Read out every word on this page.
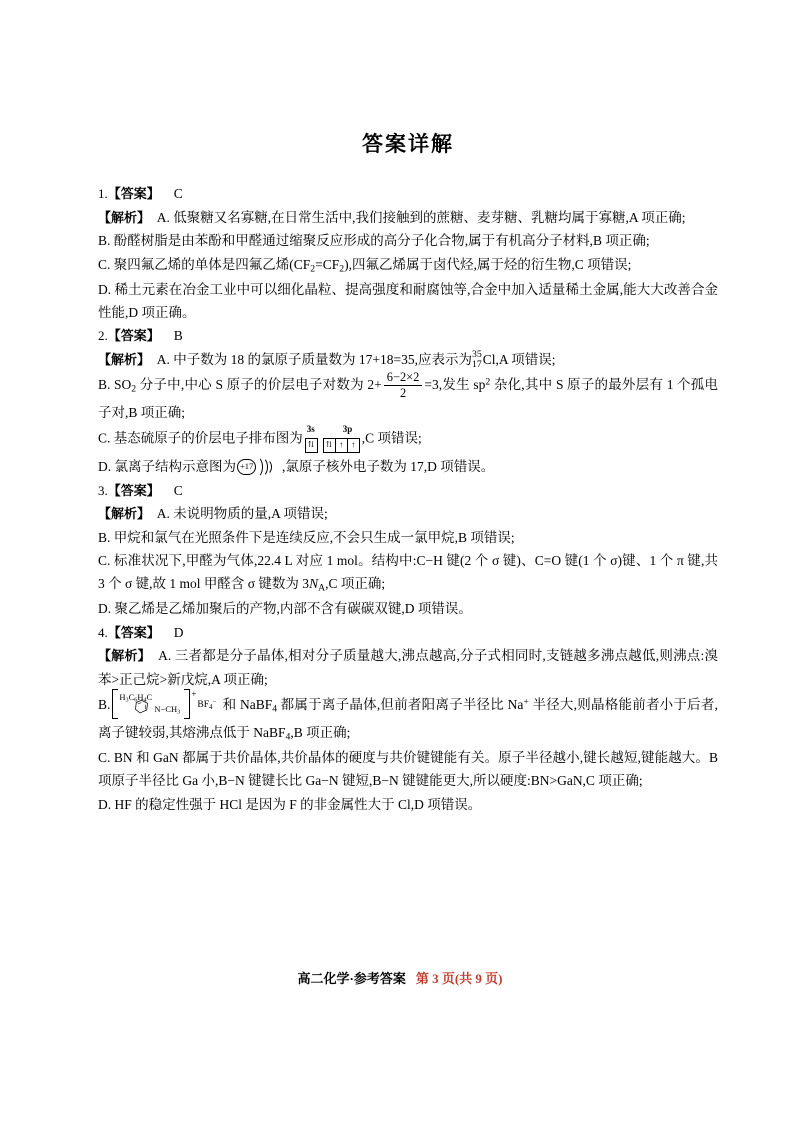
答案详解
1.【答案】 C
【解析】  A. 低聚糖又名寡糖,在日常生活中,我们接触到的蔗糖、麦芽糖、乳糖均属于寡糖,A 项正确;
B. 酚醛树脂是由苯酚和甲醛通过缩聚反应形成的高分子化合物,属于有机高分子材料,B 项正确;
C. 聚四氟乙烯的单体是四氟乙烯$(CF_2=CF_2)$,四氟乙烯属于卤代烃,属于烃的衍生物,C 项错误;
D. 稀土元素在冶金工业中可以细化晶粒、提高强度和耐腐蚀等,合金中加入适量稀土金属,能大大改善合金性能,D 项正确。
2.【答案】 B
【解析】  A. 中子数为 18 的氯原子质量数为 17+18=35,应表示为 35
17 Cl,A 项错误;
B. $SO_2$ 分子中,中心 S 原子的价层电子对数为 $2+ \frac{6-2\times 2}{2} =3$,发生 $sp^2$ 杂化,其中 S 原子的最外层有 1 个孤电子对,B 项正确;
C. 基态硫原子的价层电子排布图为
3s	3p
⇅ ⇅ ↑	↑ ,C 项错误;
D. 氯离子结构示意图为 +17 ,氯原子核外电子数为 17,D 项错误。
3.【答案】 C
【解析】  A. 未说明物质的量,A 项错误;
B. 甲烷和氯气在光照条件下是连续反应,不会只生成一氯甲烷,B 项错误;
C. 标准状况下,甲醛为气体,22.4 L 对应 1 mol。结构中:C−H 键(2 个 σ 键)、C=O 键(1 个 σ)键、1 个 π 键,共 3 个 σ 键,故 1 mol 甲醛含 σ 键数为 $3N_A,C$ 项正确;
D. 聚乙烯是乙烯加聚后的产物,内部不含有碳碳双键,D 项错误。
4.【答案】 D
【解析】  A. 三者都是分子晶体,相对分子质量越大,沸点越高,分子式相同时,支链越多沸点越低,则沸点:溴苯>正己烷>新戊烷,A 项正确;
B.
$H_3C_6H_4C$
$N-CH_3$
+
$BF_4^-$ 和 NaBF$_4$ 都属于离子晶体,但前者阳离子半径比 Na+ 半径大,则晶格能前者小于后者,离子键较弱,其熔沸点低于 NaBF$_4$,B 项正确;
C. BN 和 GaN 都属于共价晶体,共价晶体的硬度与共价键键能有关。原子半径越小,键长越短,键能越大。B 项原子半径比 Ga 小,B−N 键键长比 Ga−N 键短,B−N 键键能更大,所以硬度:BN>GaN,C 项正确;
D. HF 的稳定性强于 HCl 是因为 F 的非金属性大于 Cl,D 项错误。
高二化学·参考答案 第 3 页(共 9 页)
